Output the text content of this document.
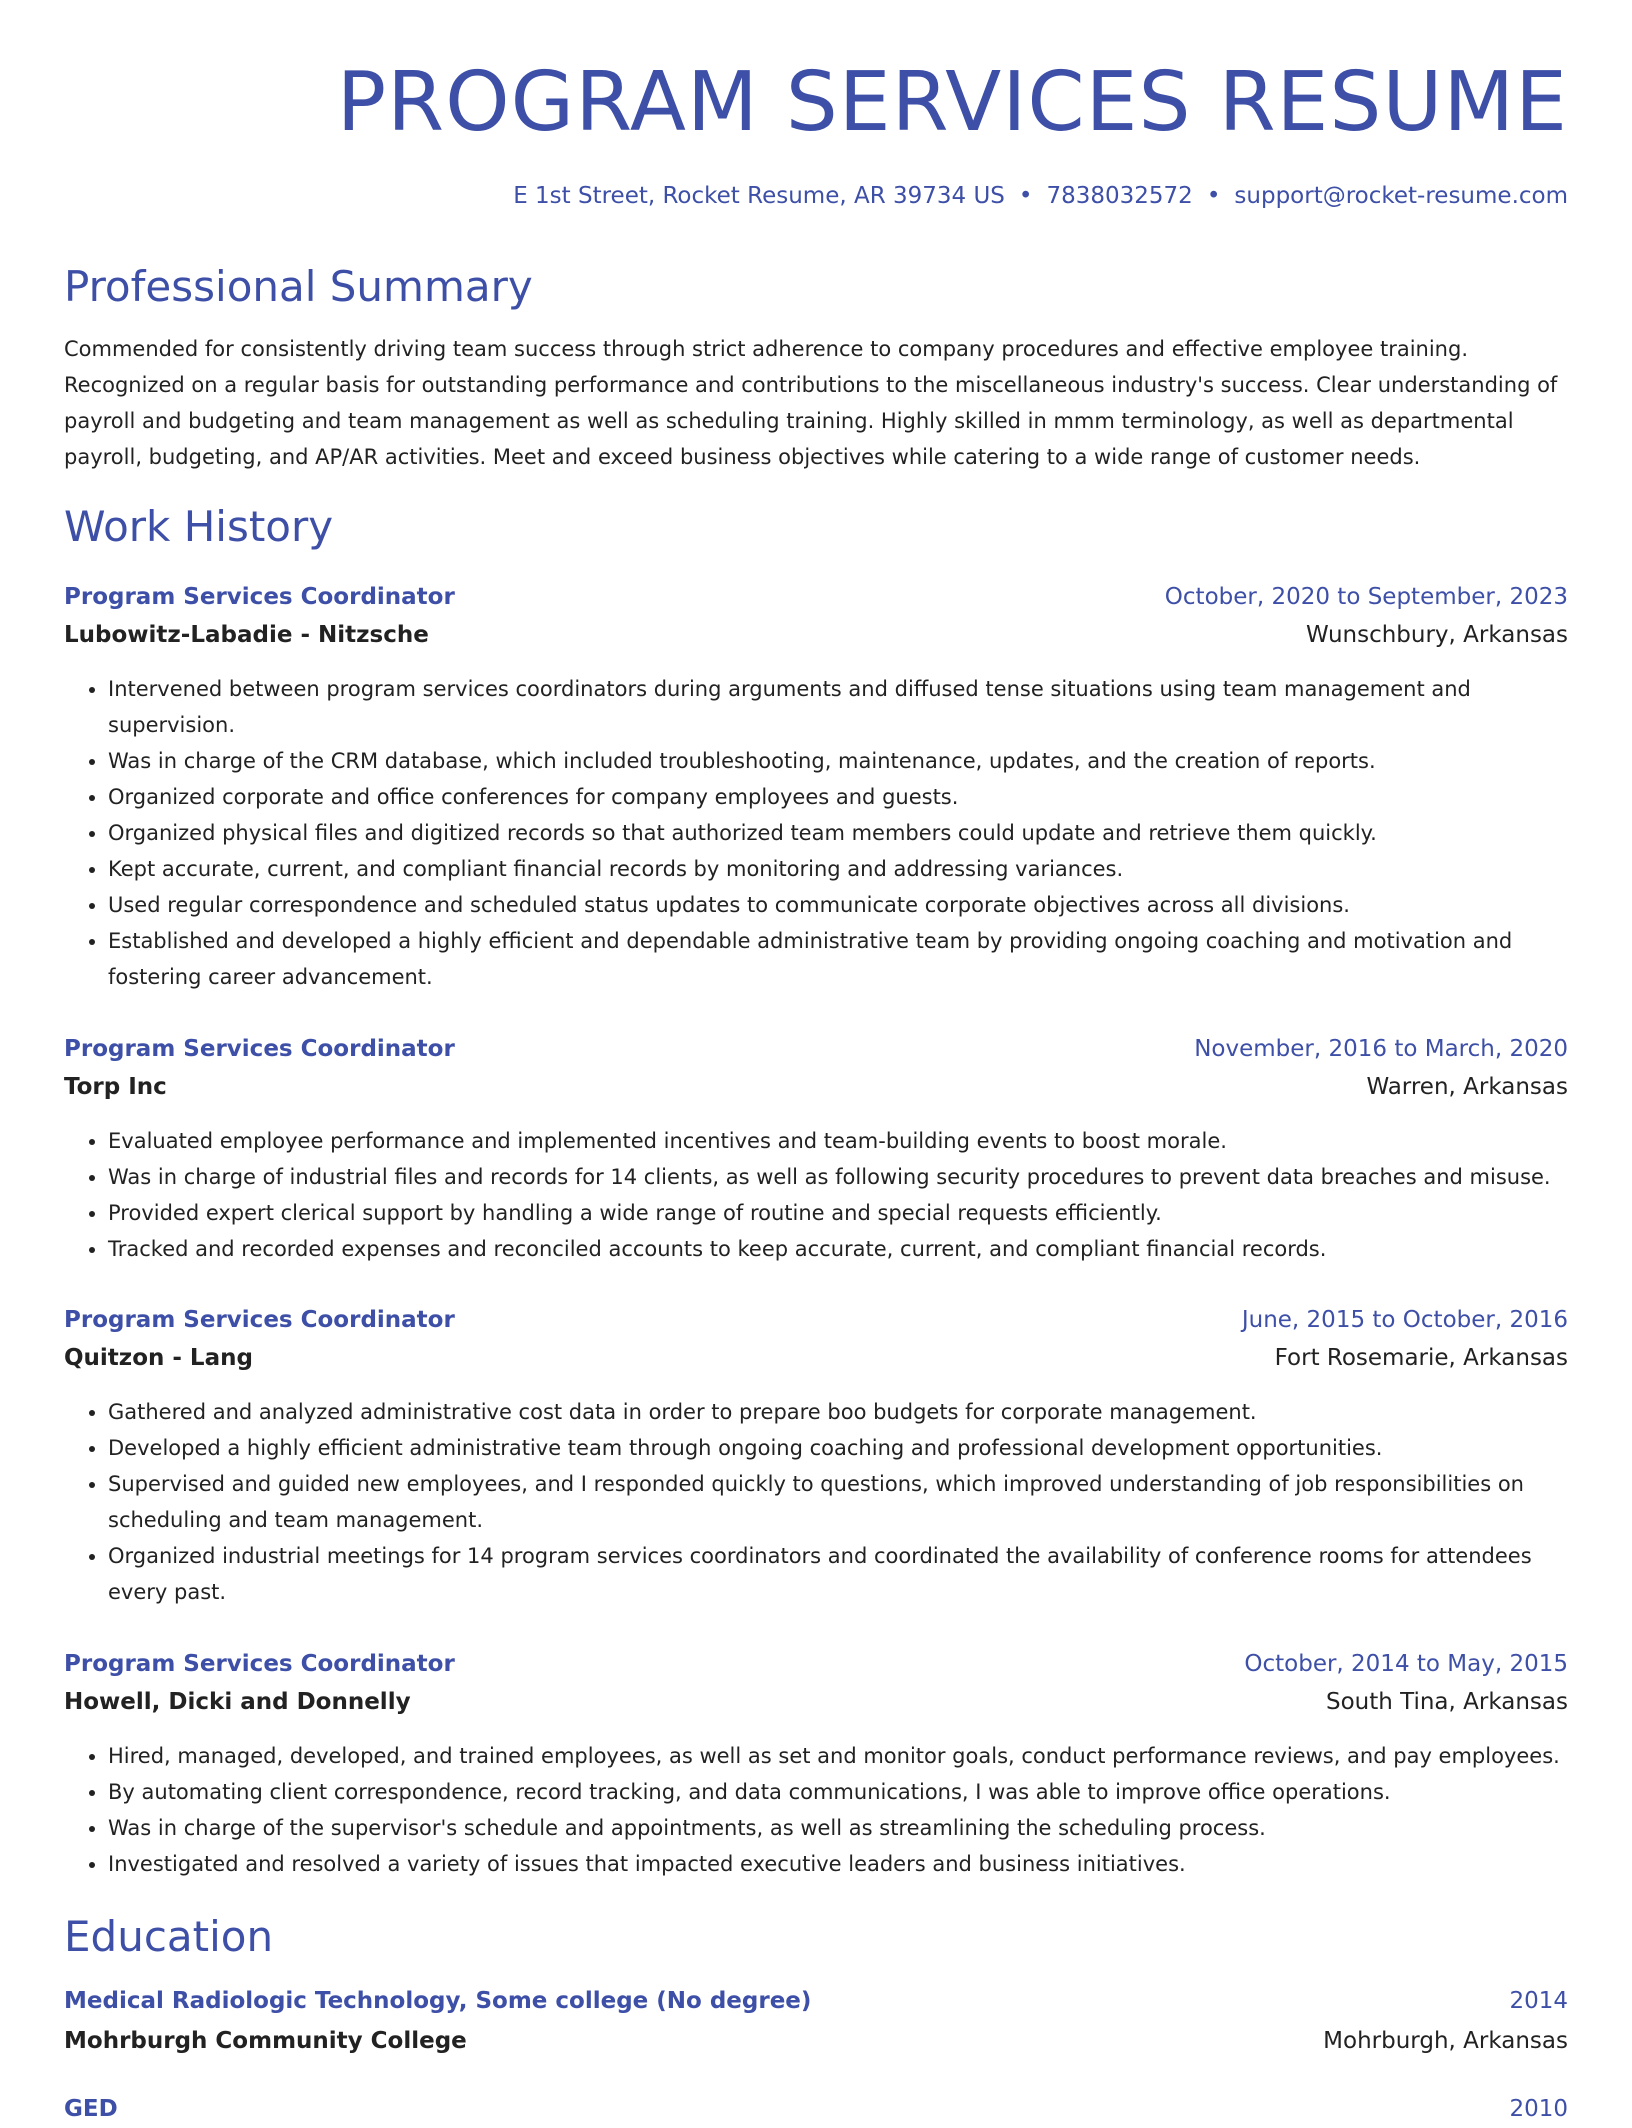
PROGRAM SERVICES RESUME
E 1st Street, Rocket Resume, AR 39734 US • 7838032572 • support@rocket-resume.com
Professional Summary

Commended for consistently driving team success through strict adherence to company procedures and effective employee training. Recognized on a regular basis for outstanding performance and contributions to the miscellaneous industry's success. Clear understanding of payroll and budgeting and team management as well as scheduling training. Highly skilled in mmm terminology, as well as departmental payroll, budgeting, and AP/AR activities. Meet and exceed business objectives while catering to a wide range of customer needs.

Work History
Program Services Coordinator	October, 2020 to September, 2023
Lubowitz-Labadie - Nitzsche	Wunschbury, Arkansas
• Intervened between program services coordinators during arguments and diffused tense situations using team management and supervision.
• Was in charge of the CRM database, which included troubleshooting, maintenance, updates, and the creation of reports.
• Organized corporate and office conferences for company employees and guests.
• Organized physical files and digitized records so that authorized team members could update and retrieve them quickly.
• Kept accurate, current, and compliant financial records by monitoring and addressing variances.
• Used regular correspondence and scheduled status updates to communicate corporate objectives across all divisions.
• Established and developed a highly efficient and dependable administrative team by providing ongoing coaching and motivation and fostering career advancement.
Program Services Coordinator	November, 2016 to March, 2020
Torp Inc	Warren, Arkansas
• Evaluated employee performance and implemented incentives and team-building events to boost morale.
• Was in charge of industrial files and records for 14 clients, as well as following security procedures to prevent data breaches and misuse.
• Provided expert clerical support by handling a wide range of routine and special requests efficiently.
• Tracked and recorded expenses and reconciled accounts to keep accurate, current, and compliant financial records.
Program Services Coordinator	June, 2015 to October, 2016
Quitzon - Lang	Fort Rosemarie, Arkansas
• Gathered and analyzed administrative cost data in order to prepare boo budgets for corporate management.
• Developed a highly efficient administrative team through ongoing coaching and professional development opportunities.
• Supervised and guided new employees, and I responded quickly to questions, which improved understanding of job responsibilities on scheduling and team management.
• Organized industrial meetings for 14 program services coordinators and coordinated the availability of conference rooms for attendees every past.
Program Services Coordinator	October, 2014 to May, 2015
Howell, Dicki and Donnelly	South Tina, Arkansas
• Hired, managed, developed, and trained employees, as well as set and monitor goals, conduct performance reviews, and pay employees.
• By automating client correspondence, record tracking, and data communications, I was able to improve office operations.
• Was in charge of the supervisor's schedule and appointments, as well as streamlining the scheduling process.
• Investigated and resolved a variety of issues that impacted executive leaders and business initiatives.
Education
Medical Radiologic Technology, Some college (No degree)	2014
Mohrburgh Community College	Mohrburgh, Arkansas
GED	2010
